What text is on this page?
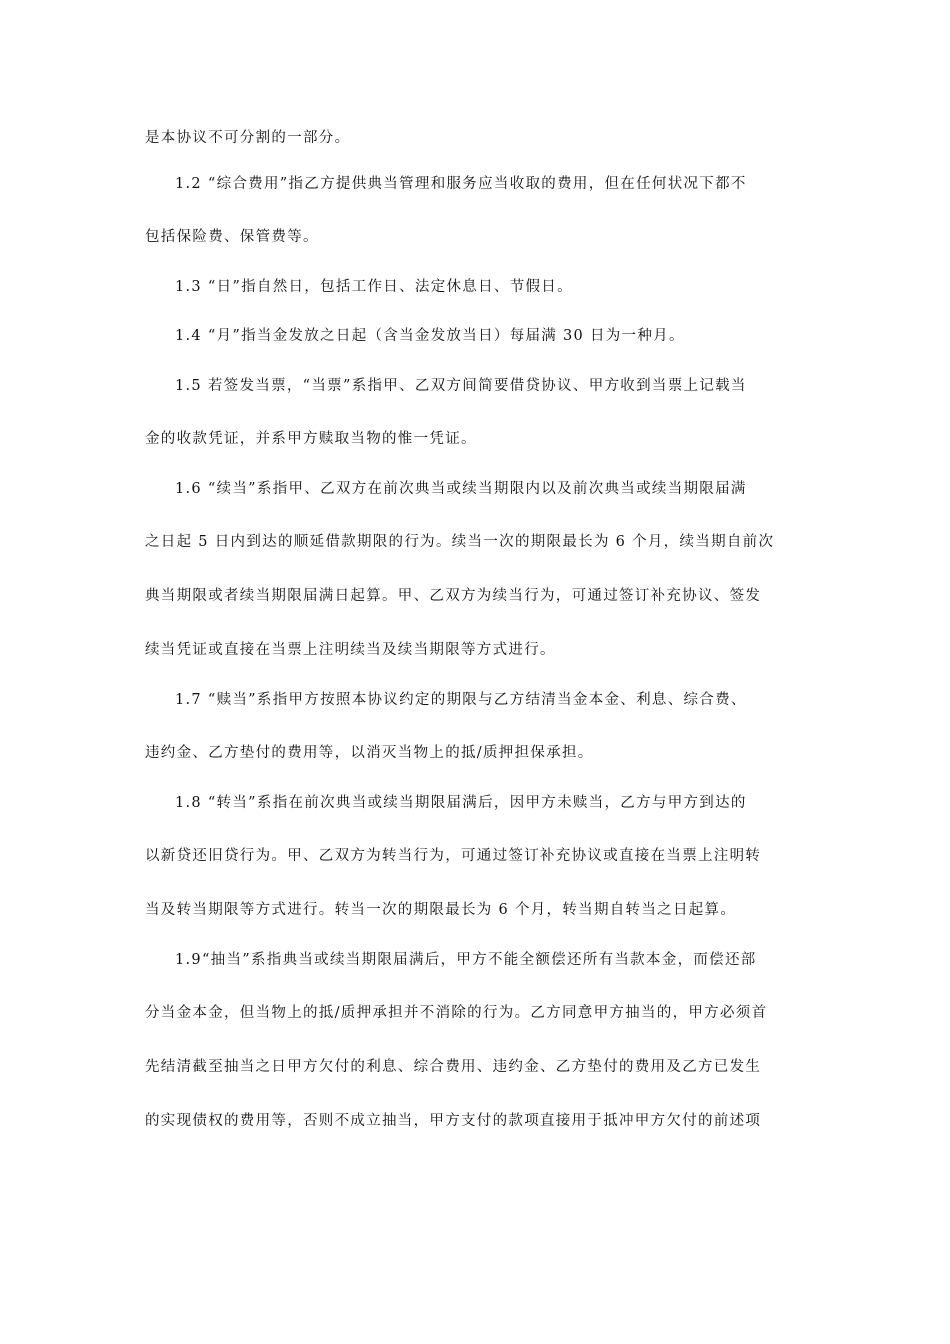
是本协议不可分割的一部分。
1.2 “综合费用”指乙方提供典当管理和服务应当收取的费用，但在任何状况下都不
包括保险费、保管费等。
1.3 “日”指自然日，包括工作日、法定休息日、节假日。
1.4 “月”指当金发放之日起（含当金发放当日）每届满 30 日为一种月。
1.5 若签发当票，“当票”系指甲、乙双方间简要借贷协议、甲方收到当票上记载当
金的收款凭证，并系甲方赎取当物的惟一凭证。
1.6 “续当”系指甲、乙双方在前次典当或续当期限内以及前次典当或续当期限届满
之日起 5 日内到达的顺延借款期限的行为。续当一次的期限最长为 6 个月，续当期自前次
典当期限或者续当期限届满日起算。甲、乙双方为续当行为，可通过签订补充协议、签发
续当凭证或直接在当票上注明续当及续当期限等方式进行。
1.7 “赎当”系指甲方按照本协议约定的期限与乙方结清当金本金、利息、综合费、
违约金、乙方垫付的费用等，以消灭当物上的抵/质押担保承担。
1.8 “转当”系指在前次典当或续当期限届满后，因甲方未赎当，乙方与甲方到达的
以新贷还旧贷行为。甲、乙双方为转当行为，可通过签订补充协议或直接在当票上注明转
当及转当期限等方式进行。转当一次的期限最长为 6 个月，转当期自转当之日起算。
1.9“抽当”系指典当或续当期限届满后，甲方不能全额偿还所有当款本金，而偿还部
分当金本金，但当物上的抵/质押承担并不消除的行为。乙方同意甲方抽当的，甲方必须首
先结清截至抽当之日甲方欠付的利息、综合费用、违约金、乙方垫付的费用及乙方已发生
的实现债权的费用等，否则不成立抽当，甲方支付的款项直接用于抵冲甲方欠付的前述项
